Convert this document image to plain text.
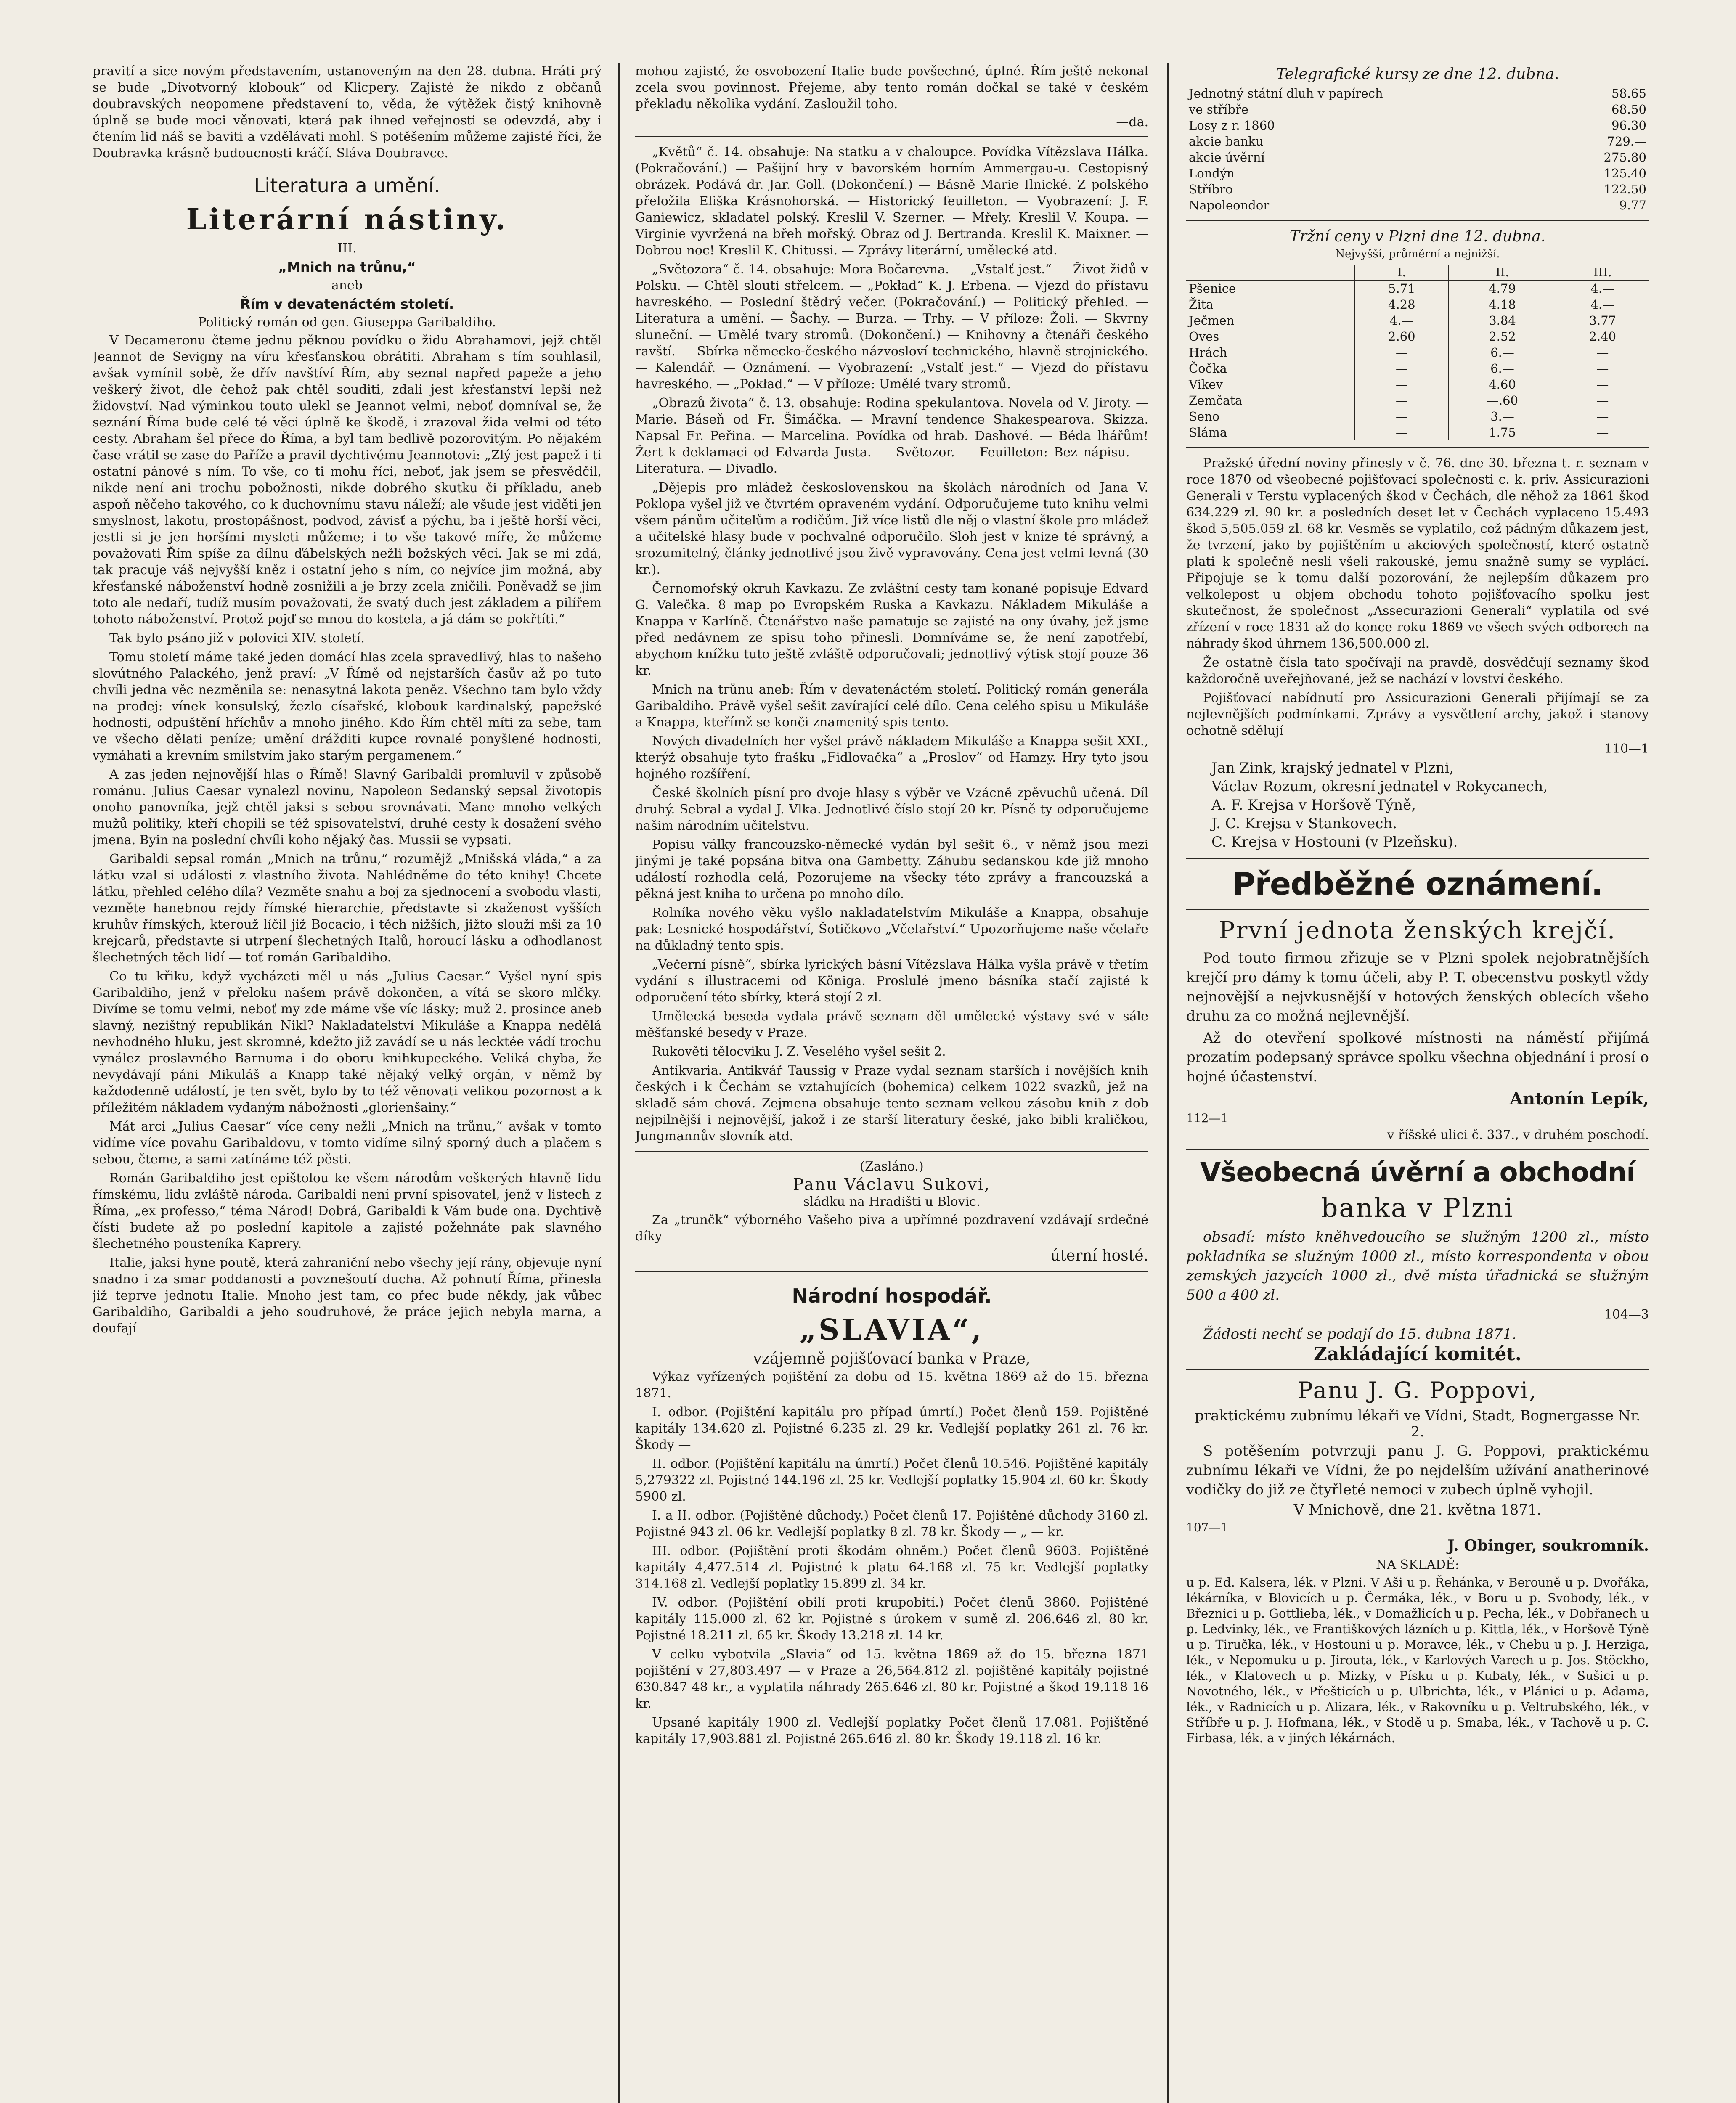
pravití a sice novým představením, ustanoveným na den 28. dubna. Hráti prý se bude „Divotvorný klobouk“ od Klicpery. Zajisté že nikdo z občanů doubravských neopomene představení to, věda, že výtěžek čistý knihovně úplně se bude moci věnovati, která pak ihned veřejnosti se odevzdá, aby i čtením lid náš se baviti a vzdělávati mohl. S potěšením můžeme zajisté říci, že Doubravka krásně budoucnosti kráčí. Sláva Doubravce.

Literatura a umění.
Literární nástiny.
III.
„Mnich na trůnu,“
aneb
Řím v devatenáctém století.
Politický román od gen. Giuseppa Garibaldiho.

V Decameronu čteme jednu pěknou povídku o židu Abrahamovi, jejž chtěl Jeannot de Sevigny na víru křesťanskou obrátiti. Abraham s tím souhlasil, avšak vymínil sobě, že dřív navštíví Řím, aby seznal napřed papeže a jeho veškerý život, dle čehož pak chtěl souditi, zdali jest křesťanství lepší než židovství. Nad výminkou touto ulekl se Jeannot velmi, neboť domníval se, že seznání Říma bude celé té věci úplně ke škodě, i zrazoval žida velmi od této cesty. Abraham šel přece do Říma, a byl tam bedlivě pozorovitým. Po nějakém čase vrátil se zase do Paříže a pravil dychtivému Jeannotovi: „Zlý jest papež i ti ostatní pánové s ním. To vše, co ti mohu říci, neboť, jak jsem se přesvědčil, nikde není ani trochu pobožnosti, nikde dobrého skutku či příkladu, aneb aspoň něčeho takového, co k duchovnímu stavu náleží; ale všude jest viděti jen smyslnost, lakotu, prostopášnost, podvod, závisť a pýchu, ba i ještě horší věci, jestli si je jen horšími mysleti můžeme; i to vše takové míře, že můžeme považovati Řím spíše za dílnu ďábelských nežli božských věcí. Jak se mi zdá, tak pracuje váš nejvyšší kněz i ostatní jeho s ním, co nejvíce jim možná, aby křesťanské náboženství hodně zosnižili a je brzy zcela zničili. Poněvadž se jim toto ale nedaří, tudíž musím považovati, že svatý duch jest základem a pilířem tohoto náboženství. Protož pojď se mnou do kostela, a já dám se pokřtíti.“

Tak bylo psáno již v polovici XIV. století.

Tomu století máme také jeden domácí hlas zcela spravedlivý, hlas to našeho slovútného Palackého, jenž praví: „V Římě od nejstarších časův až po tuto chvíli jedna věc nezměnila se: nenasytná lakota peněz. Všechno tam bylo vždy na prodej: vínek konsulský, žezlo císařské, klobouk kardinalský, papežské hodnosti, odpuštění hříchův a mnoho jiného. Kdo Řím chtěl míti za sebe, tam ve všecho dělati peníze; umění drážditi kupce rovnalé ponyšlené hodnosti, vymáhati a krevním smilstvím jako starým pergamenem.“

A zas jeden nejnovější hlas o Římě! Slavný Garibaldi promluvil v způsobě románu. Julius Caesar vynalezl novinu, Napoleon Sedanský sepsal životopis onoho panovníka, jejž chtěl jaksi s sebou srovnávati. Mane mnoho velkých mužů politiky, kteří chopili se též spisovatelství, druhé cesty k dosažení svého jmena. Byin na poslední chvíli koho nějaký čas. Mussii se vypsati.

Garibaldi sepsal román „Mnich na trůnu,“ rozumějž „Mnišská vláda,“ a za látku vzal si události z vlastního života. Nahlédněme do této knihy! Chcete látku, přehled celého díla? Vezměte snahu a boj za sjednocení a svobodu vlasti, vezměte hanebnou rejdy římské hierarchie, představte si zkaženost vyšších kruhův římských, kterouž líčil již Bocacio, i těch nižších, jižto slouží mši za 10 krejcarů, představte si utrpení šlechetných Italů, horoucí lásku a odhodlanost šlechetných těch lidí — toť román Garibaldiho.

Co tu křiku, když vycházeti měl u nás „Julius Caesar.“ Vyšel nyní spis Garibaldiho, jenž v přeloku našem právě dokončen, a vítá se skoro mlčky. Divíme se tomu velmi, neboť my zde máme vše víc lásky; muž 2. prosince aneb slavný, nezištný republikán Nikl? Nakladatelství Mikuláše a Knappa nedělá nevhodného hluku, jest skromné, kdežto již zavádí se u nás lecktée vádí trochu vynález proslavného Barnuma i do oboru knihkupeckého. Veliká chyba, že nevydávají páni Mikuláš a Knapp také nějaký velký orgán, v němž by každodenně událostí, je ten svět, bylo by to též věnovati velikou pozornost a k příležitém nákladem vydaným nábožnosti „glorienšainy.“

Mát arci „Julius Caesar“ více ceny nežli „Mnich na trůnu,“ avšak v tomto vidíme více povahu Garibaldovu, v tomto vidíme silný sporný duch a plačem s sebou, čteme, a sami zatínáme též pěsti.

Román Garibaldiho jest epištolou ke všem národům veškerých hlavně lidu římskému, lidu zvláště národa. Garibaldi není první spisovatel, jenž v listech z Říma, „ex professo,“ téma Národ! Dobrá, Garibaldi k Vám bude ona. Dychtivě čísti budete až po poslední kapitole a zajisté požehnáte pak slavného šlechetného pousteníka Kaprery.

Italie, jaksi hyne poutě, která zahraniční nebo všechy její rány, objevuje nyní snadno i za smar poddanosti a povznešoutí ducha. Až pohnutí Říma, přinesla již teprve jednotu Italie. Mnoho jest tam, co přec bude někdy, jak vůbec Garibaldiho, Garibaldi a jeho soudruhové, že práce jejich nebyla marna, a doufají

mohou zajisté, že osvobození Italie bude povšechné, úplné. Řím ještě nekonal zcela svou povinnost. Přejeme, aby tento román dočkal se také v českém překladu několika vydání. Zasloužil toho.

—da.

„Květů“ č. 14. obsahuje: Na statku a v chaloupce. Povídka Vítězslava Hálka. (Pokračování.) — Pašijní hry v bavorském horním Ammergau-u. Cestopisný obrázek. Podává dr. Jar. Goll. (Dokončení.) — Básně Marie Ilnické. Z polského přeložila Eliška Krásnohorská. — Historický feuilleton. — Vyobrazení: J. F. Ganiewicz, skladatel polský. Kreslil V. Szerner. — Mřely. Kreslil V. Koupa. — Virginie vyvržená na břeh mořský. Obraz od J. Bertranda. Kreslil K. Maixner. — Dobrou noc! Kreslil K. Chitussi. — Zprávy literární, umělecké atd.

„Světozora“ č. 14. obsahuje: Mora Bočarevna. — „Vstalť jest.“ — Život židů v Polsku. — Chtěl slouti střelcem. — „Pokład“ K. J. Erbena. — Vjezd do přístavu havreského. — Poslední štědrý večer. (Pokračování.) — Politický přehled. — Literatura a umění. — Šachy. — Burza. — Trhy. — V příloze: Žoli. — Skvrny sluneční. — Umělé tvary stromů. (Dokončení.) — Knihovny a čtenáři českého ravští. — Sbírka německo-českého názvosloví technického, hlavně strojnického. — Kalendář. — Oznámení. — Vyobrazení: „Vstalť jest.“ — Vjezd do přístavu havreského. — „Pokład.“ — V příloze: Umělé tvary stromů.

„Obrazů života“ č. 13. obsahuje: Rodina spekulantova. Novela od V. Jiroty. — Marie. Báseň od Fr. Šimáčka. — Mravní tendence Shakespearova. Skizza. Napsal Fr. Peřina. — Marcelina. Povídka od hrab. Dashové. — Béda lhářům! Žert k deklamaci od Edvarda Justa. — Světozor. — Feuilleton: Bez nápisu. — Literatura. — Divadlo.

„Dějepis pro mládež československou na školách národních od Jana V. Poklopa vyšel již ve čtvrtém opraveném vydání. Odporučujeme tuto knihu velmi všem pánům učitelům a rodičům. Již více listů dle něj o vlastní škole pro mládež a učitelské hlasy bude v pochvalné odporučilo. Sloh jest v knize té správný, a srozumitelný, články jednotlivé jsou živě vypravovány. Cena jest velmi levná (30 kr.).

Černomořský okruh Kavkazu. Ze zvláštní cesty tam konané popisuje Edvard G. Valečka. 8 map po Evropském Ruska a Kavkazu. Nákladem Mikuláše a Knappa v Karlíně. Čtenářstvo naše pamatuje se zajisté na ony úvahy, jež jsme před nedávnem ze spisu toho přinesli. Domníváme se, že není zapotřebí, abychom knížku tuto ještě zvláště odporučovali; jednotlivý výtisk stojí pouze 36 kr.

Mnich na trůnu aneb: Řím v devatenáctém století. Politický román generála Garibaldiho. Právě vyšel sešit zavírající celé dílo. Cena celého spisu u Mikuláše a Knappa, kteřímž se konči znamenitý spis tento.

Nových divadelních her vyšel právě nákladem Mikuláše a Knappa sešit XXI., kterýž obsahuje tyto frašku „Fidlovačka“ a „Proslov“ od Hamzy. Hry tyto jsou hojného rozšíření.

České školních písní pro dvoje hlasy s výběr ve Vzácně zpěvuchů učená. Díl druhý. Sebral a vydal J. Vlka. Jednotlivé číslo stojí 20 kr. Písně ty odporučujeme našim národním učitelstvu.

Popisu války francouzsko-německé vydán byl sešit 6., v němž jsou mezi jinými je také popsána bitva ona Gambetty. Záhubu sedanskou kde již mnoho událostí rozhodla celá, Pozorujeme na všecky této zprávy a francouzská a pěkná jest kniha to určena po mnoho dílo.

Rolníka nového věku vyšlo nakladatelstvím Mikuláše a Knappa, obsahuje pak: Lesnické hospodářství, Šotičkovo „Včelařství.“ Upozorňujeme naše včelaře na důkladný tento spis.

„Večerní písně“, sbírka lyrických básní Vítězslava Hálka vyšla právě v třetím vydání s illustracemi od Königa. Proslulé jmeno básníka stačí zajisté k odporučení této sbírky, která stojí 2 zl.

Umělecká beseda vydala právě seznam děl umělecké výstavy své v sále měšťanské besedy v Praze.

Rukověti tělocviku J. Z. Veselého vyšel sešit 2.

Antikvaria. Antikvář Taussig v Praze vydal seznam starších i novějších knih českých i k Čechám se vztahujících (bohemica) celkem 1022 svazků, jež na skladě sám chová. Zejmena obsahuje tento seznam velkou zásobu knih z dob nejpilnější i nejnovější, jakož i ze starší literatury české, jako bibli kraličkou, Jungmannův slovník atd.

(Zasláno.)
Panu Václavu Sukovi,
sládku na Hradišti u Blovic.

Za „trunčk“ výborného Vašeho piva a upřímné pozdravení vzdávají srdečné díky

úterní hosté.
Národní hospodář.
„SLAVIA“,
vzájemně pojišťovací banka v Praze,

Výkaz vyřízených pojištění za dobu od 15. května 1869 až do 15. března 1871.

I. odbor. (Pojištění kapitálu pro případ úmrtí.) Počet členů 159. Pojištěné kapitály 134.620 zl. Pojistné 6.235 zl. 29 kr. Vedlejší poplatky 261 zl. 76 kr. Škody —

II. odbor. (Pojištění kapitálu na úmrtí.) Počet členů 10.546. Pojištěné kapitály 5,279322 zl. Pojistné 144.196 zl. 25 kr. Vedlejší poplatky 15.904 zl. 60 kr. Škody 5900 zl.

I. a II. odbor. (Pojištěné důchody.) Počet členů 17. Pojištěné důchody 3160 zl. Pojistné 943 zl. 06 kr. Vedlejší poplatky 8 zl. 78 kr. Škody — „ — kr.

III. odbor. (Pojištění proti škodám ohněm.) Počet členů 9603. Pojištěné kapitály 4,477.514 zl. Pojistné k platu 64.168 zl. 75 kr. Vedlejší poplatky 314.168 zl. Vedlejší poplatky 15.899 zl. 34 kr.

IV. odbor. (Pojištění obilí proti krupobití.) Počet členů 3860. Pojištěné kapitály 115.000 zl. 62 kr. Pojistné s úrokem v sumě zl. 206.646 zl. 80 kr. Pojistné 18.211 zl. 65 kr. Škody 13.218 zl. 14 kr.

V celku vybotvila „Slavia“ od 15. května 1869 až do 15. března 1871 pojištění v 27,803.497 — v Praze a 26,564.812 zl. pojištěné kapitály pojistné 630.847 48 kr., a vyplatila náhrady 265.646 zl. 80 kr. Pojistné a škod 19.118 16 kr.

Upsané kapitály 1900 zl. Vedlejší poplatky Počet členů 17.081. Pojištěné kapitály 17,903.881 zl. Pojistné 265.646 zl. 80 kr. Škody 19.118 zl. 16 kr.

Telegrafické kursy ze dne 12. dubna.
Jednotný státní dluh v papírech	58.65
ve stříbře	68.50
Losy z r. 1860	96.30
akcie banku	729.—
akcie úvěrní	275.80
Londýn	125.40
Stříbro	122.50
Napoleondor	9.77
Tržní ceny v Plzni dne 12. dubna.
Nejvyšší, průměrní a nejnižší.
	I.	II.	III.
Pšenice	5.71	4.79	4.—
Žita	4.28	4.18	4.—
Ječmen	4.—	3.84	3.77
Oves	2.60	2.52	2.40
Hrách	—	6.—	—
Čočka	—	6.—	—
Vikev	—	4.60	—
Zemčata	—	—.60	—
Seno	—	3.—	—
Sláma	—	1.75	—

Pražské úřední noviny přinesly v č. 76. dne 30. března t. r. seznam v roce 1870 od všeobecné pojišťovací společnosti c. k. priv. Assicurazioni Generali v Terstu vyplacených škod v Čechách, dle něhož za 1861 škod 634.229 zl. 90 kr. a posledních deset let v Čechách vyplaceno 15.493 škod 5,505.059 zl. 68 kr. Vesměs se vyplatilo, což pádným důkazem jest, že tvrzení, jako by pojištěním u akciových společností, které ostatně plati k společně nesli všeli rakouské, jemu snažně sumy se vyplácí. Připojuje se k tomu další pozorování, že nejlepším důkazem pro velkolepost u objem obchodu tohoto pojišťovacího spolku jest skutečnost, že společnost „Assecurazioni Generali“ vyplatila od své zřízení v roce 1831 až do konce roku 1869 ve všech svých odborech na náhrady škod úhrnem 136,500.000 zl.

Že ostatně čísla tato spočívají na pravdě, dosvědčují seznamy škod každoročně uveřejňované, jež se nachází v lovství českého.

Pojišťovací nabídnutí pro Assicurazioni Generali přijímají se za nejlevnějších podmínkami. Zprávy a vysvětlení archy, jakož i stanovy ochotně sdělují

110—1
Jan Zink, krajský jednatel v Plzni,
Václav Rozum, okresní jednatel v Rokycanech,
A. F. Krejsa v Horšově Týně,
J. C. Krejsa v Stankovech.
C. Krejsa v Hostouni (v Plzeňsku).
Předběžné oznámení.
První jednota ženských krejčí.

Pod touto firmou zřizuje se v Plzni spolek nejobratnějších krejčí pro dámy k tomu účeli, aby P. T. obecenstvu poskytl vždy nejnovější a nejvkusnější v hotových ženských oblecích všeho druhu za co možná nejlevnější.

Až do otevření spolkové místnosti na náměstí přijímá prozatím podepsaný správce spolku všechna objednání i prosí o hojné účastenství.

Antonín Lepík,
112—1
v říšské ulici č. 337., v druhém poschodí.
Všeobecná úvěrní a obchodní
banka v Plzni

obsadí: místo kněhvedoucího se služným 1200 zl., místo pokladníka se služným 1000 zl., místo korrespondenta v obou zemských jazycích 1000 zl., dvě místa úřadnická se služným 500 a 400 zl.

104—3

Žádosti nechť se podají do 15. dubna 1871.

Zakládající komitét.
Panu J. G. Poppovi,
praktickému zubnímu lékaři ve Vídni, Stadt, Bognergasse Nr. 2.

S potěšením potvrzuji panu J. G. Poppovi, praktickému zubnímu lékaři ve Vídni, že po nejdelším užívání anatherinové vodičky do již ze čtyřleté nemoci v zubech úplně vyhojil.

V Mnichově, dne 21. května 1871.
107—1
J. Obinger, soukromník.
NA SKLADĚ:

u p. Ed. Kalsera, lék. v Plzni. V Aši u p. Řehánka, v Berouně u p. Dvořáka, lékárníka, v Blovicích u p. Čermáka, lék., v Boru u p. Svobody, lék., v Březnici u p. Gottlieba, lék., v Domažlicích u p. Pecha, lék., v Dobřanech u p. Ledvinky, lék., ve Františkových lázních u p. Kittla, lék., v Horšově Týně u p. Tiručka, lék., v Hostouni u p. Moravce, lék., v Chebu u p. J. Herziga, lék., v Nepomuku u p. Jirouta, lék., v Karlových Varech u p. Jos. Stöckho, lék., v Klatovech u p. Mizky, v Písku u p. Kubaty, lék., v Sušici u p. Novotného, lék., v Přešticích u p. Ulbrichta, lék., v Plánici u p. Adama, lék., v Radnicích u p. Alizara, lék., v Rakovníku u p. Veltrubského, lék., v Stříbře u p. J. Hofmana, lék., v Stodě u p. Smaba, lék., v Tachově u p. C. Firbasa, lék. a v jiných lékárnách.
